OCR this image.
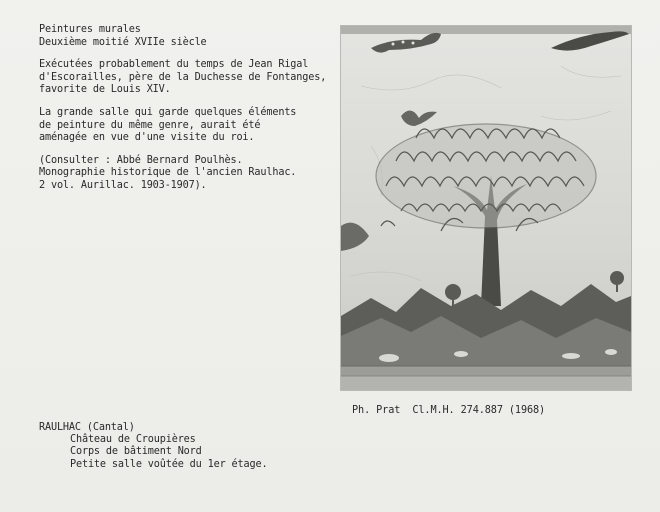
Peintures murales
Deuxième moitié XVIIe siècle

Exécutées probablement du temps de Jean Rigal
d'Escorailles, père de la Duchesse de Fontanges,
favorite de Louis XIV.

La grande salle qui garde quelques éléments
de peinture du même genre, aurait été
aménagée en vue d'une visite du roi.

(Consulter : Abbé Bernard Poulhès.
Monographie historique de l'ancien Raulhac.
2 vol. Aurillac. 1903-1907).

Ph. Prat Cl.M.H. 274.887 (1968)
RAULHAC (Cantal)
Château de Croupières
Corps de bâtiment Nord
Petite salle voûtée du 1er étage.
